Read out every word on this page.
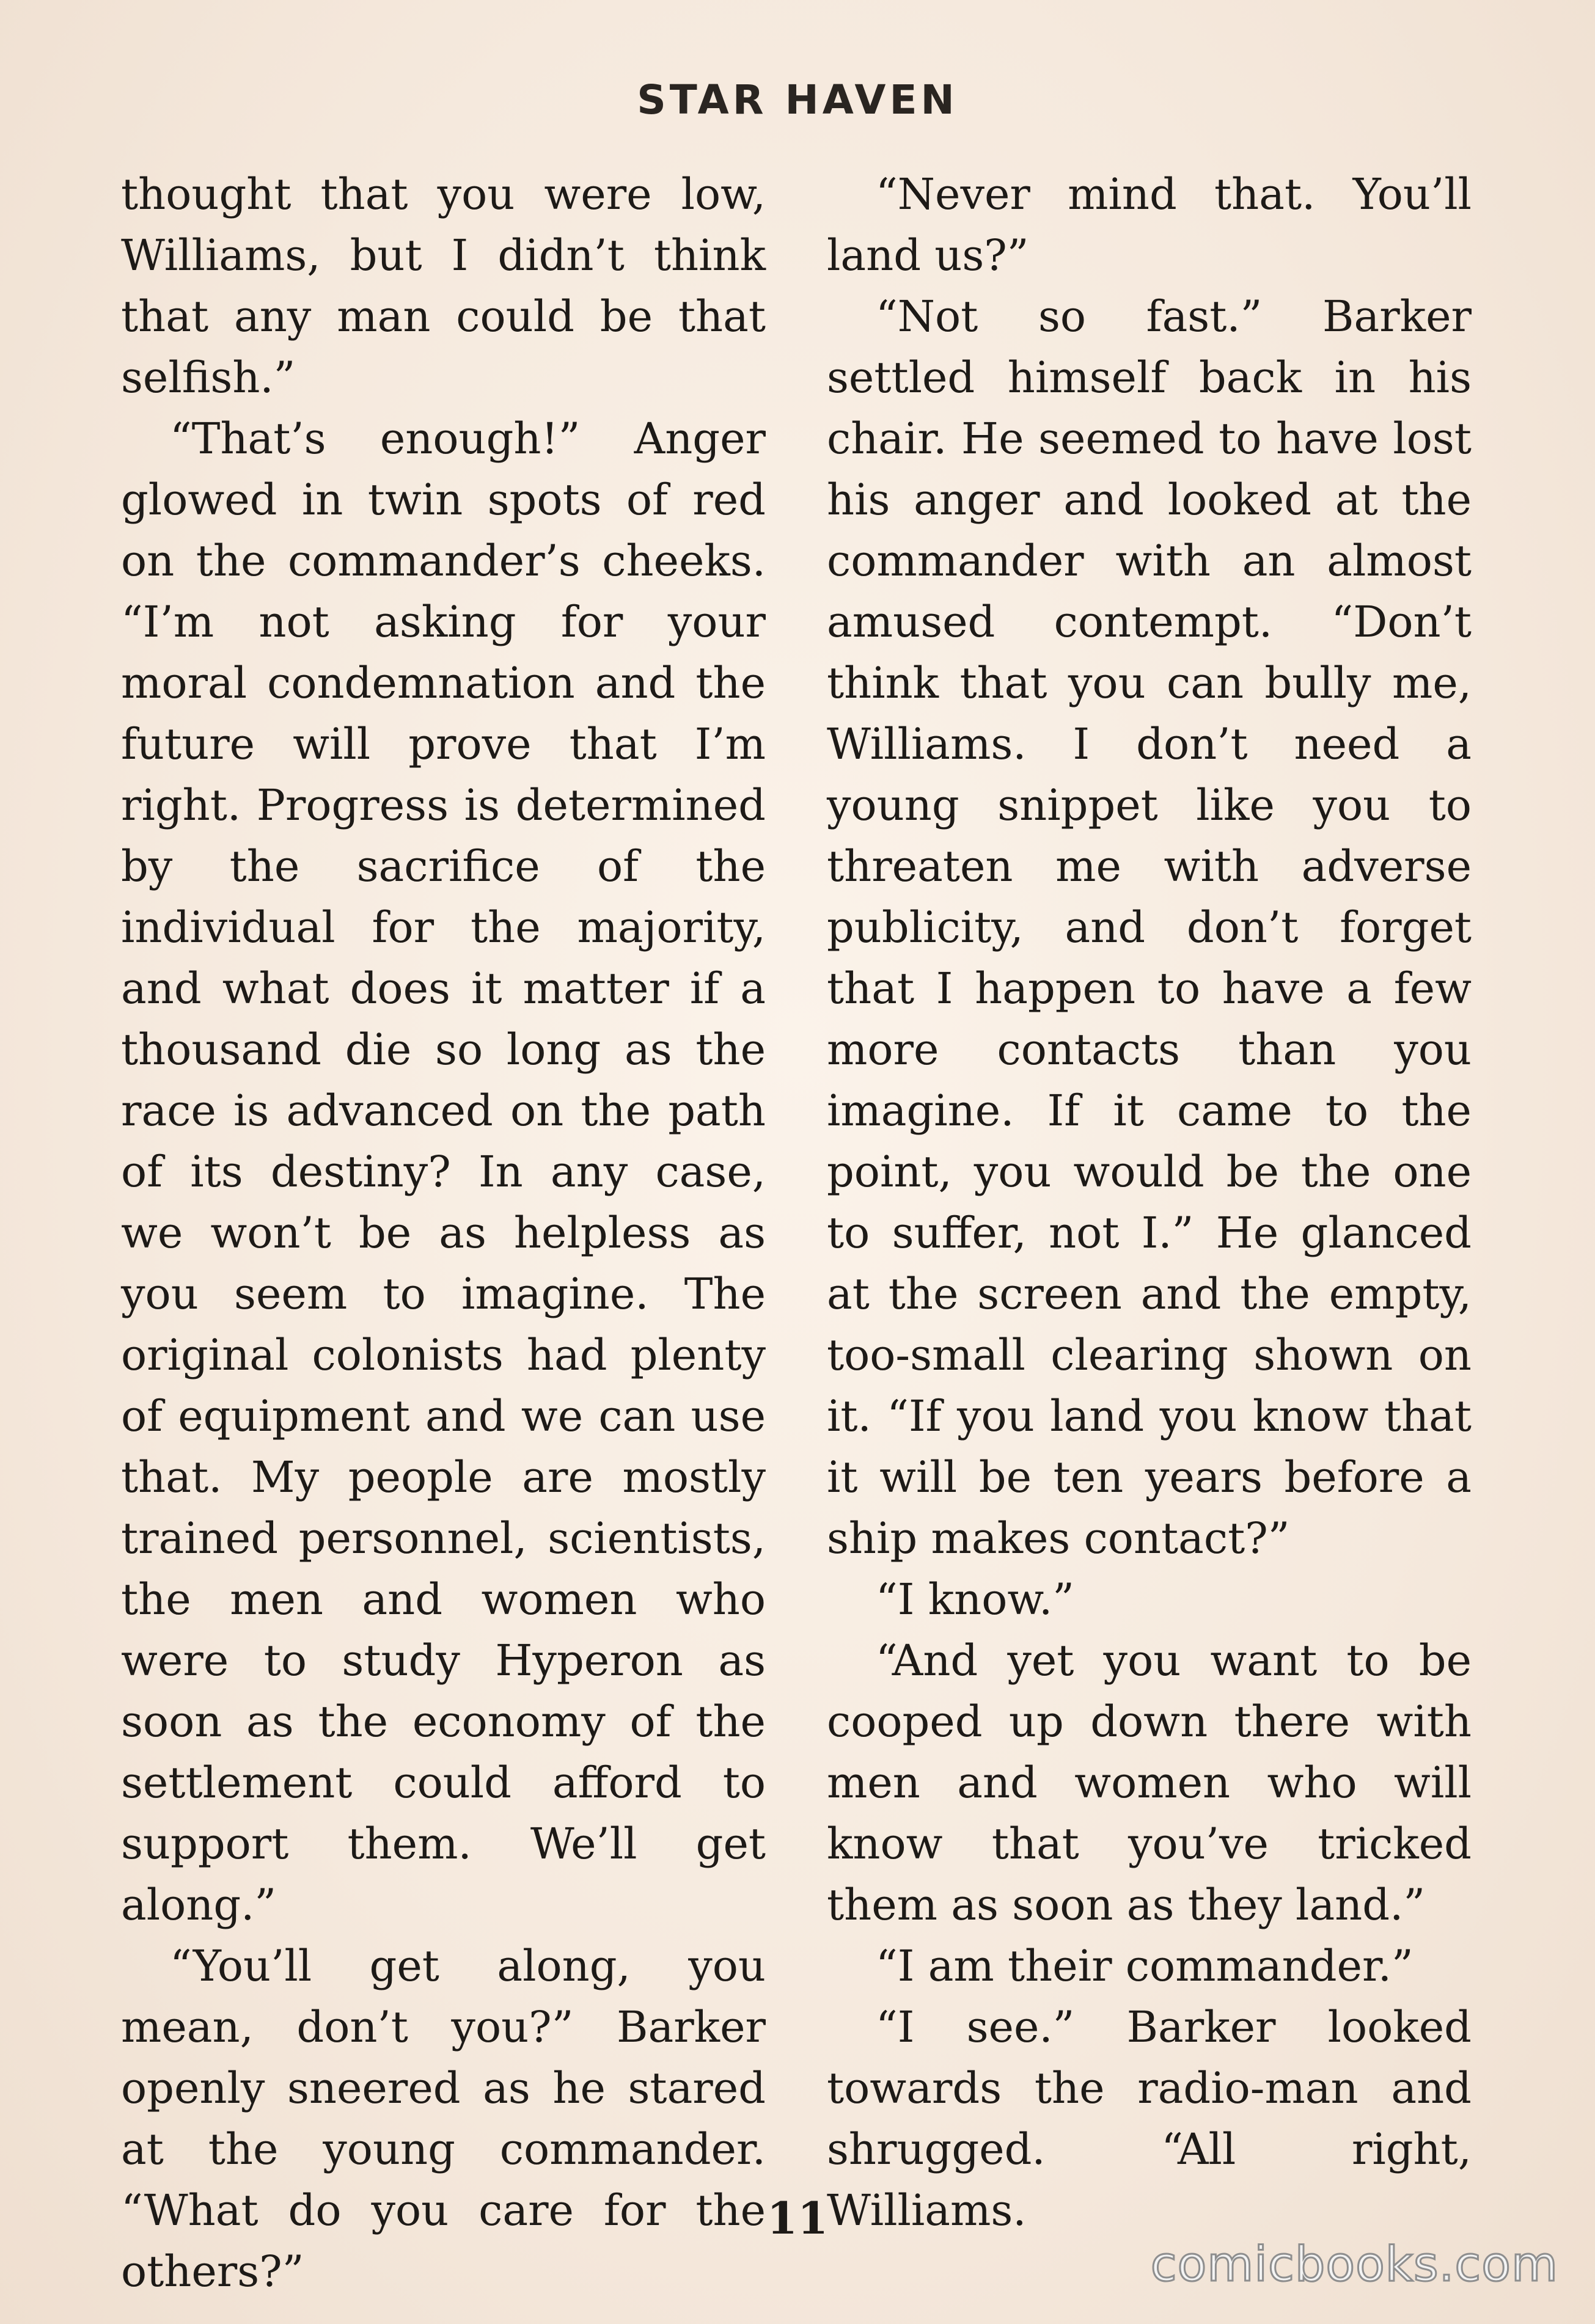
STAR HAVEN

thought that you were low, Williams, but I didn’t think that any man could be that selfish.”

“That’s enough!” Anger glowed in twin spots of red on the commander’s cheeks. “I’m not asking for your moral condemnation and the future will prove that I’m right. Progress is determined by the sacrifice of the individual for the majority, and what does it matter if a thousand die so long as the race is advanced on the path of its destiny? In any case, we won’t be as helpless as you seem to imagine. The original colonists had plenty of equipment and we can use that. My people are mostly trained personnel, scientists, the men and women who were to study Hyperon as soon as the economy of the settlement could afford to support them. We’ll get along.”

“You’ll get along, you mean, don’t you?” Barker openly sneered as he stared at the young commander. “What do you care for the others?”

“Never mind that. You’ll land us?”

“Not so fast.” Barker settled himself back in his chair. He seemed to have lost his anger and looked at the commander with an almost amused contempt. “Don’t think that you can bully me, Williams. I don’t need a young snippet like you to threaten me with adverse publicity, and don’t forget that I happen to have a few more contacts than you imagine. If it came to the point, you would be the one to suffer, not I.” He glanced at the screen and the empty, too-small clearing shown on it. “If you land you know that it will be ten years before a ship makes contact?”

“I know.”

“And yet you want to be cooped up down there with men and women who will know that you’ve tricked them as soon as they land.”

“I am their commander.”

“I see.” Barker looked towards the radio-man and shrugged. “All right, Williams.

11
comicbooks.com
